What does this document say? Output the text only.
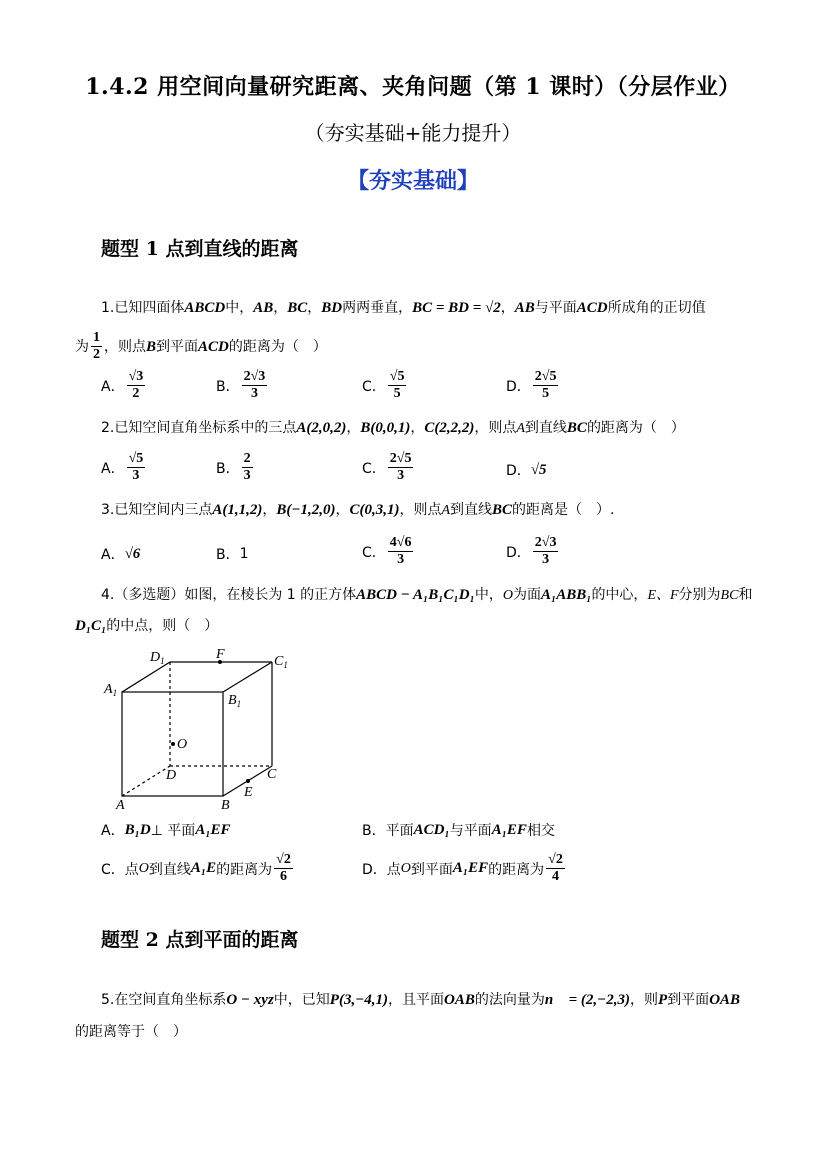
1.4.2 用空间向量研究距离、夹角问题（第 1 课时）（分层作业）
（夯实基础+能力提升）
【夯实基础】
题型 1 点到直线的距离
1.已知四面体ABCD中，AB，BC，BD两两垂直，BC = BD = √2，AB与平面ACD所成角的正切值
为 $\frac{1}{2}$ ，则点 B 到平面 ACD 的距离为（　）
A． $\frac{√3}{2}$	B． $\frac{2√3}{3}$	C． $\frac{√5}{5}$	D． $\frac{2√5}{5}$
2.已知空间直角坐标系中的三点A(2,0,2)，B(0,0,1)，C(2,2,2)，则点A到直线BC的距离为（　）
A． $\frac{√5}{3}$	B． $\frac{2}{3}$	C． $\frac{2√5}{3}$	D． √5
3.已知空间内三点A(1,1,2)，B(−1,2,0)，C(0,3,1)，则点A到直线BC的距离是（　）.
A． √6	B． 1	C． $\frac{4√6}{3}$	D． $\frac{2√3}{3}$
4.（多选题）如图，在棱长为 1 的正方体ABCD − A₁B₁C₁D₁中，O为面A₁ABB₁的中心，E、F分别为BC和
D₁C₁的中点，则（　）
$D_1$	F	$C_1$
$A_1$	$B_1$
O
D	C
E
A	B
A． B₁D ⊥ 平面 A₁EF	B．平面 ACD₁ 与平面 A₁EF 相交
C．点 O 到直线 A₁E 的距离为 $\frac{√2}{6}$	D．点 O 到平面 A₁EF 的距离为 $\frac{√2}{4}$
题型 2 点到平面的距离
5.在空间直角坐标系O − xyz中，已知P(3,−4,1)，且平面OAB的法向量为n⃗ = (2,−2,3)，则P到平面OAB
的距离等于（　）
